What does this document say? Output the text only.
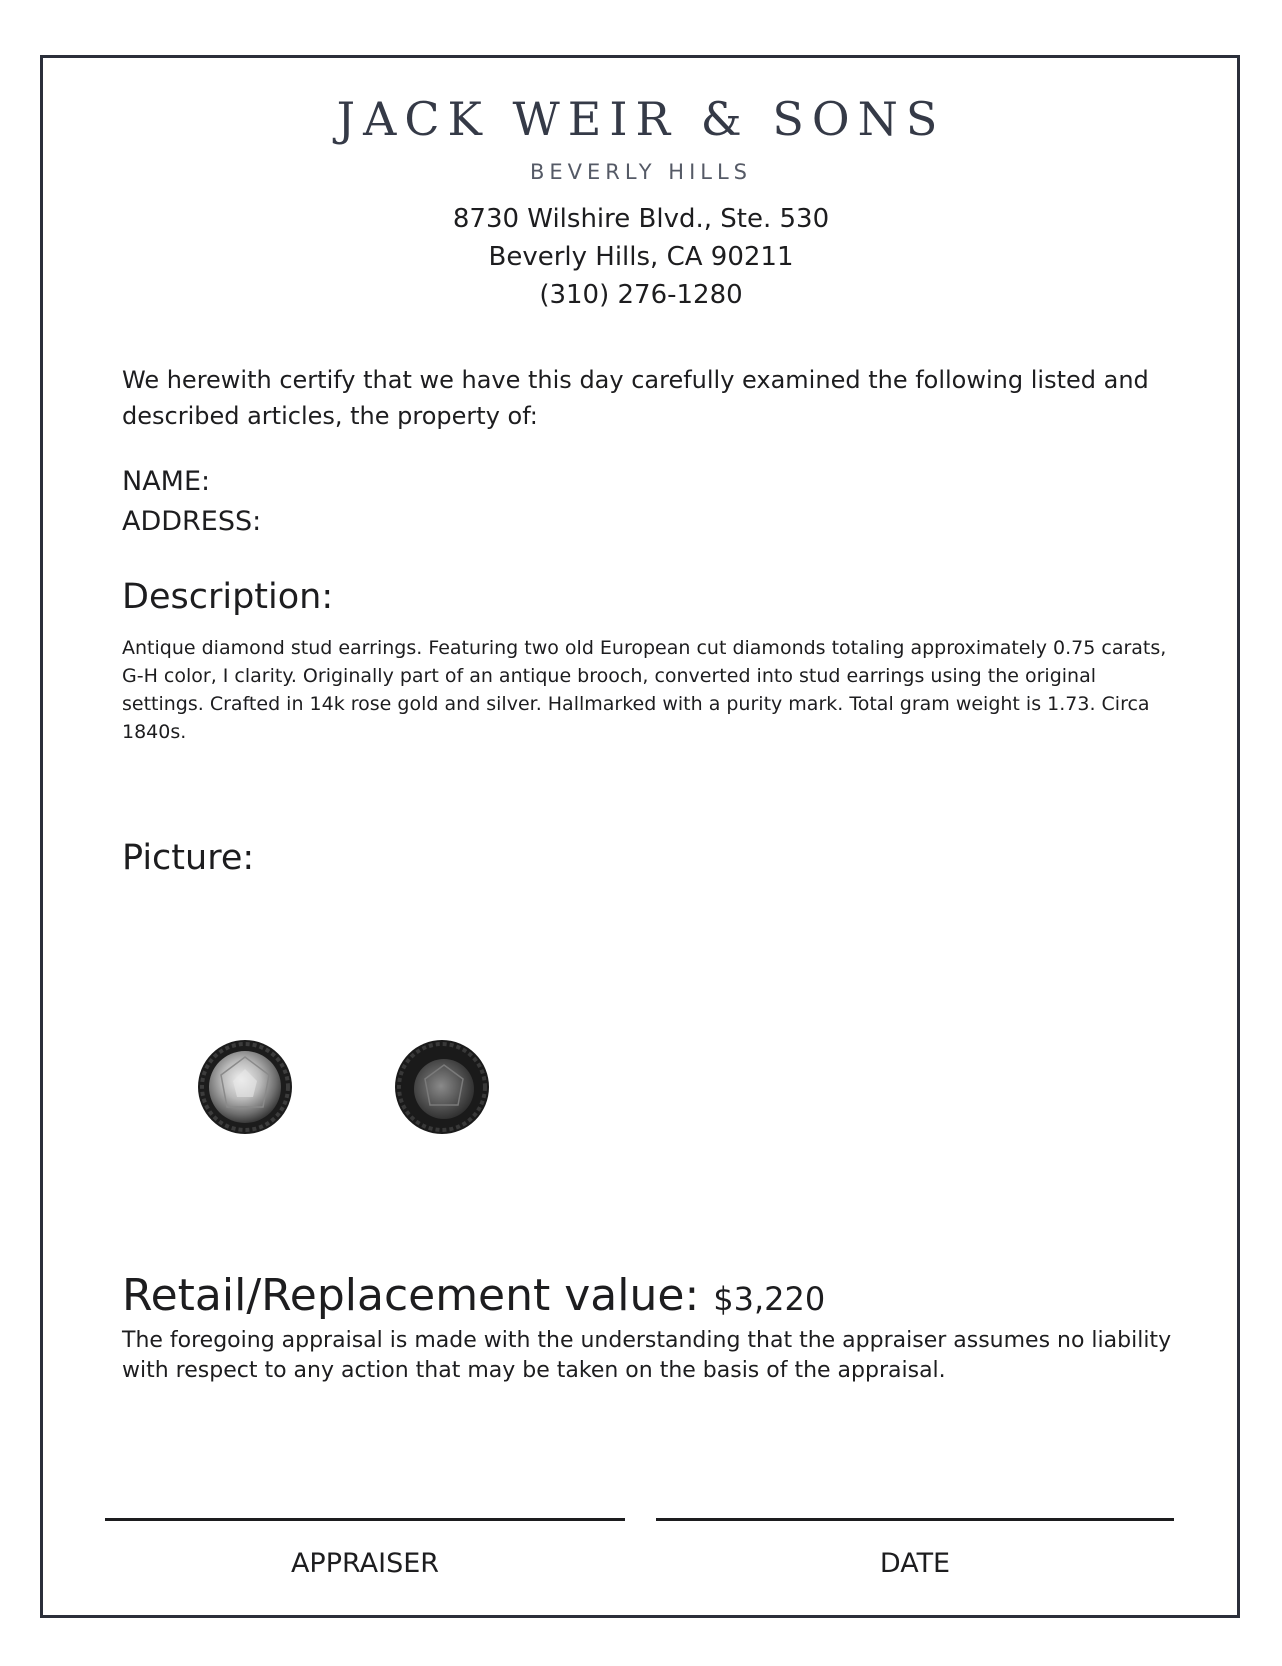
JACK WEIR & SONS
BEVERLY HILLS
8730 Wilshire Blvd., Ste. 530
Beverly Hills, CA 90211
(310) 276-1280
We herewith certify that we have this day carefully examined the following listed and described articles, the property of:
NAME:
ADDRESS:
Description:
Antique diamond stud earrings. Featuring two old European cut diamonds totaling approximately 0.75 carats, G-H color, I clarity. Originally part of an antique brooch, converted into stud earrings using the original settings. Crafted in 14k rose gold and silver. Hallmarked with a purity mark. Total gram weight is 1.73. Circa 1840s.
Picture:
Retail/Replacement value: $3,220
The foregoing appraisal is made with the understanding that the appraiser assumes no liability with respect to any action that may be taken on the basis of the appraisal.
APPRAISER	DATE
